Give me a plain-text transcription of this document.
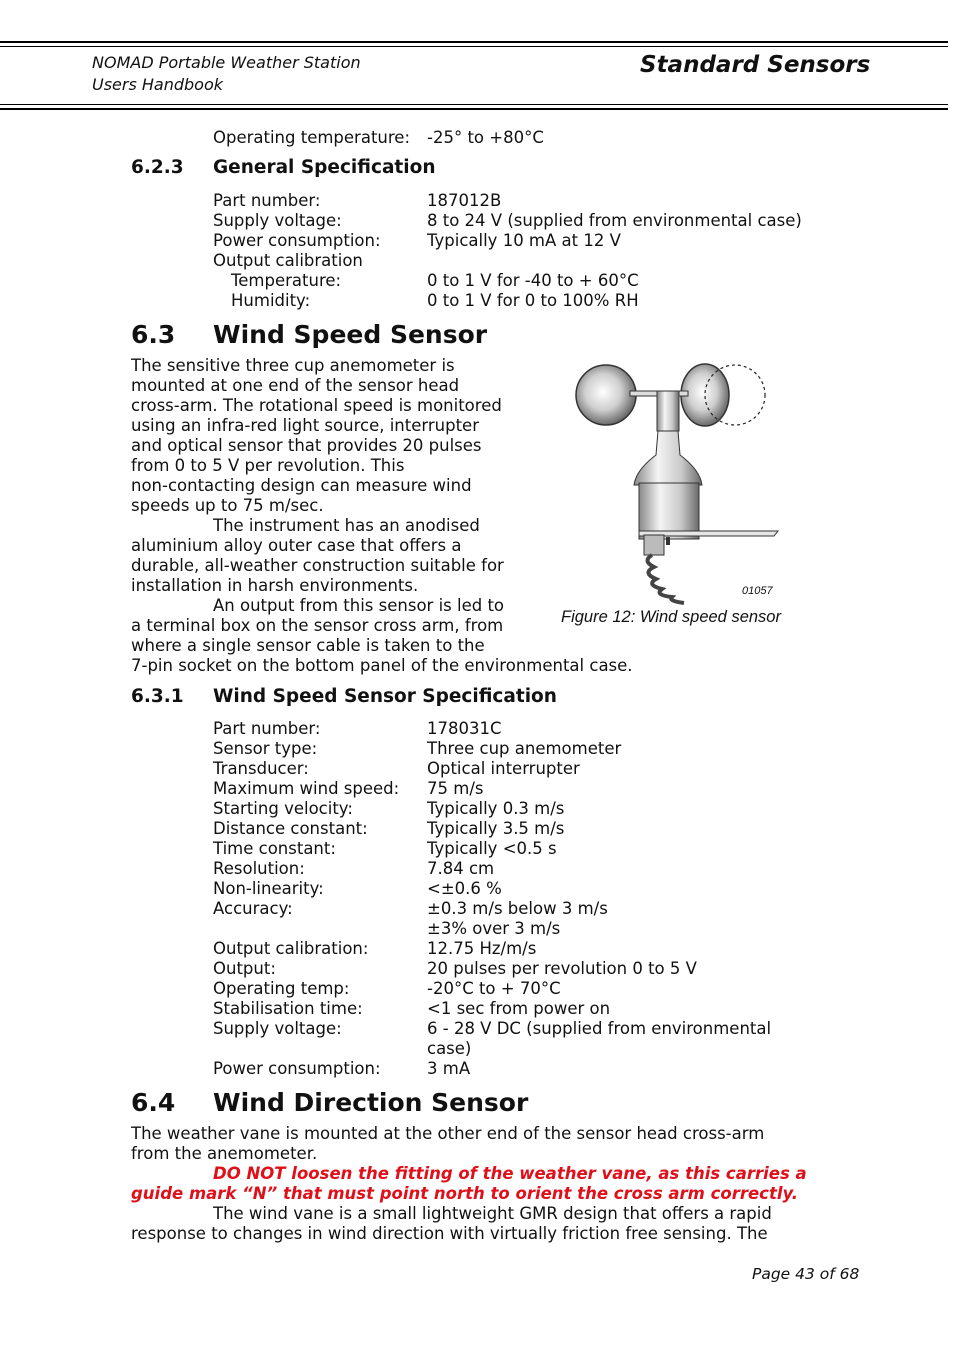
NOMAD Portable Weather Station
Users Handbook
Standard Sensors
Operating temperature: -25° to +80°C
6.2.3 General Specification
Part number:	187012B
Supply voltage:	8 to 24 V (supplied from environmental case)
Power consumption:	Typically 10 mA at 12 V
Output calibration
Temperature:	0 to 1 V for -40 to + 60°C
Humidity:	0 to 1 V for 0 to 100% RH
6.3 Wind Speed Sensor
The sensitive three cup anemometer is
mounted at one end of the sensor head
cross-arm. The rotational speed is monitored
using an infra-red light source, interrupter
and optical sensor that provides 20 pulses
from 0 to 5 V per revolution. This
non-contacting design can measure wind
speeds up to 75 m/sec.
The instrument has an anodised
aluminium alloy outer case that offers a
durable, all-weather construction suitable for
installation in harsh environments.
An output from this sensor is led to
a terminal box on the sensor cross arm, from
where a single sensor cable is taken to the
7-pin socket on the bottom panel of the environmental case.
01057
Figure 12: Wind speed sensor
6.3.1 Wind Speed Sensor Specification
Part number:	178031C
Sensor type:	Three cup anemometer
Transducer:	Optical interrupter
Maximum wind speed: 75 m/s
Starting velocity:	Typically 0.3 m/s
Distance constant:	Typically 3.5 m/s
Time constant:	Typically <0.5 s
Resolution:	7.84 cm
Non-linearity:	<±0.6 %
Accuracy:	±0.3 m/s below 3 m/s
±3% over 3 m/s
Output calibration:	12.75 Hz/m/s
Output:	20 pulses per revolution 0 to 5 V
Operating temp:	-20°C to + 70°C
Stabilisation time:	<1 sec from power on
Supply voltage:	6 - 28 V DC (supplied from environmental
case)
Power consumption:	3 mA
6.4 Wind Direction Sensor
The weather vane is mounted at the other end of the sensor head cross-arm
from the anemometer.
DO NOT loosen the fitting of the weather vane, as this carries a
guide mark “N” that must point north to orient the cross arm correctly.
The wind vane is a small lightweight GMR design that offers a rapid
response to changes in wind direction with virtually friction free sensing. The
Page 43 of 68
